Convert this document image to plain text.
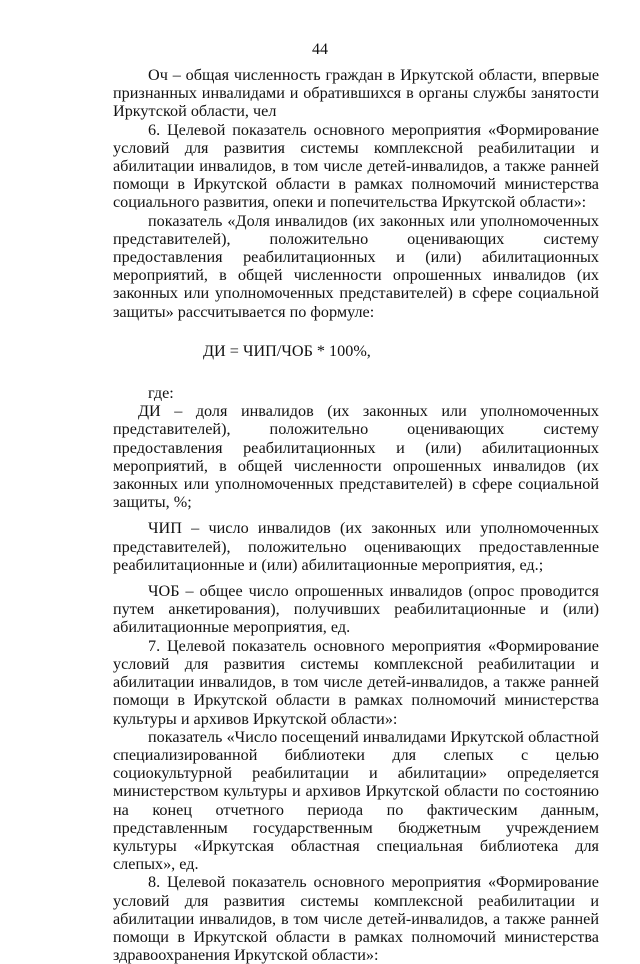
44

Оч – общая численность граждан в Иркутской области, впервые признанных инвалидами и обратившихся в органы службы занятости Иркутской области, чел

6. Целевой показатель основного мероприятия «Формирование условий для развития системы комплексной реабилитации и абилитации инвалидов, в том числе детей-инвалидов, а также ранней помощи в Иркутской области в рамках полномочий министерства социального развития, опеки и попечительства Иркутской области»:

показатель «Доля инвалидов (их законных или уполномоченных представителей), положительно оценивающих систему предоставления реабилитационных и (или) абилитационных мероприятий, в общей численности опрошенных инвалидов (их законных или уполномоченных представителей) в сфере социальной защиты» рассчитывается по формуле:

ДИ = ЧИП/ЧОБ * 100%,

где:

ДИ – доля инвалидов (их законных или уполномоченных представителей), положительно оценивающих систему предоставления реабилитационных и (или) абилитационных мероприятий, в общей численности опрошенных инвалидов (их законных или уполномоченных представителей) в сфере социальной защиты, %;

ЧИП – число инвалидов (их законных или уполномоченных представителей), положительно оценивающих предоставленные реабилитационные и (или) абилитационные мероприятия, ед.;

ЧОБ – общее число опрошенных инвалидов (опрос проводится путем анкетирования), получивших реабилитационные и (или) абилитационные мероприятия, ед.

7. Целевой показатель основного мероприятия «Формирование условий для развития системы комплексной реабилитации и абилитации инвалидов, в том числе детей-инвалидов, а также ранней помощи в Иркутской области в рамках полномочий министерства культуры и архивов Иркутской области»:

показатель «Число посещений инвалидами Иркутской областной специализированной библиотеки для слепых с целью социокультурной реабилитации и абилитации» определяется министерством культуры и архивов Иркутской области по состоянию на конец отчетного периода по фактическим данным, представленным государственным бюджетным учреждением культуры «Иркутская областная специальная библиотека для слепых», ед.

8. Целевой показатель основного мероприятия «Формирование условий для развития системы комплексной реабилитации и абилитации инвалидов, в том числе детей-инвалидов, а также ранней помощи в Иркутской области в рамках полномочий министерства здравоохранения Иркутской области»:
